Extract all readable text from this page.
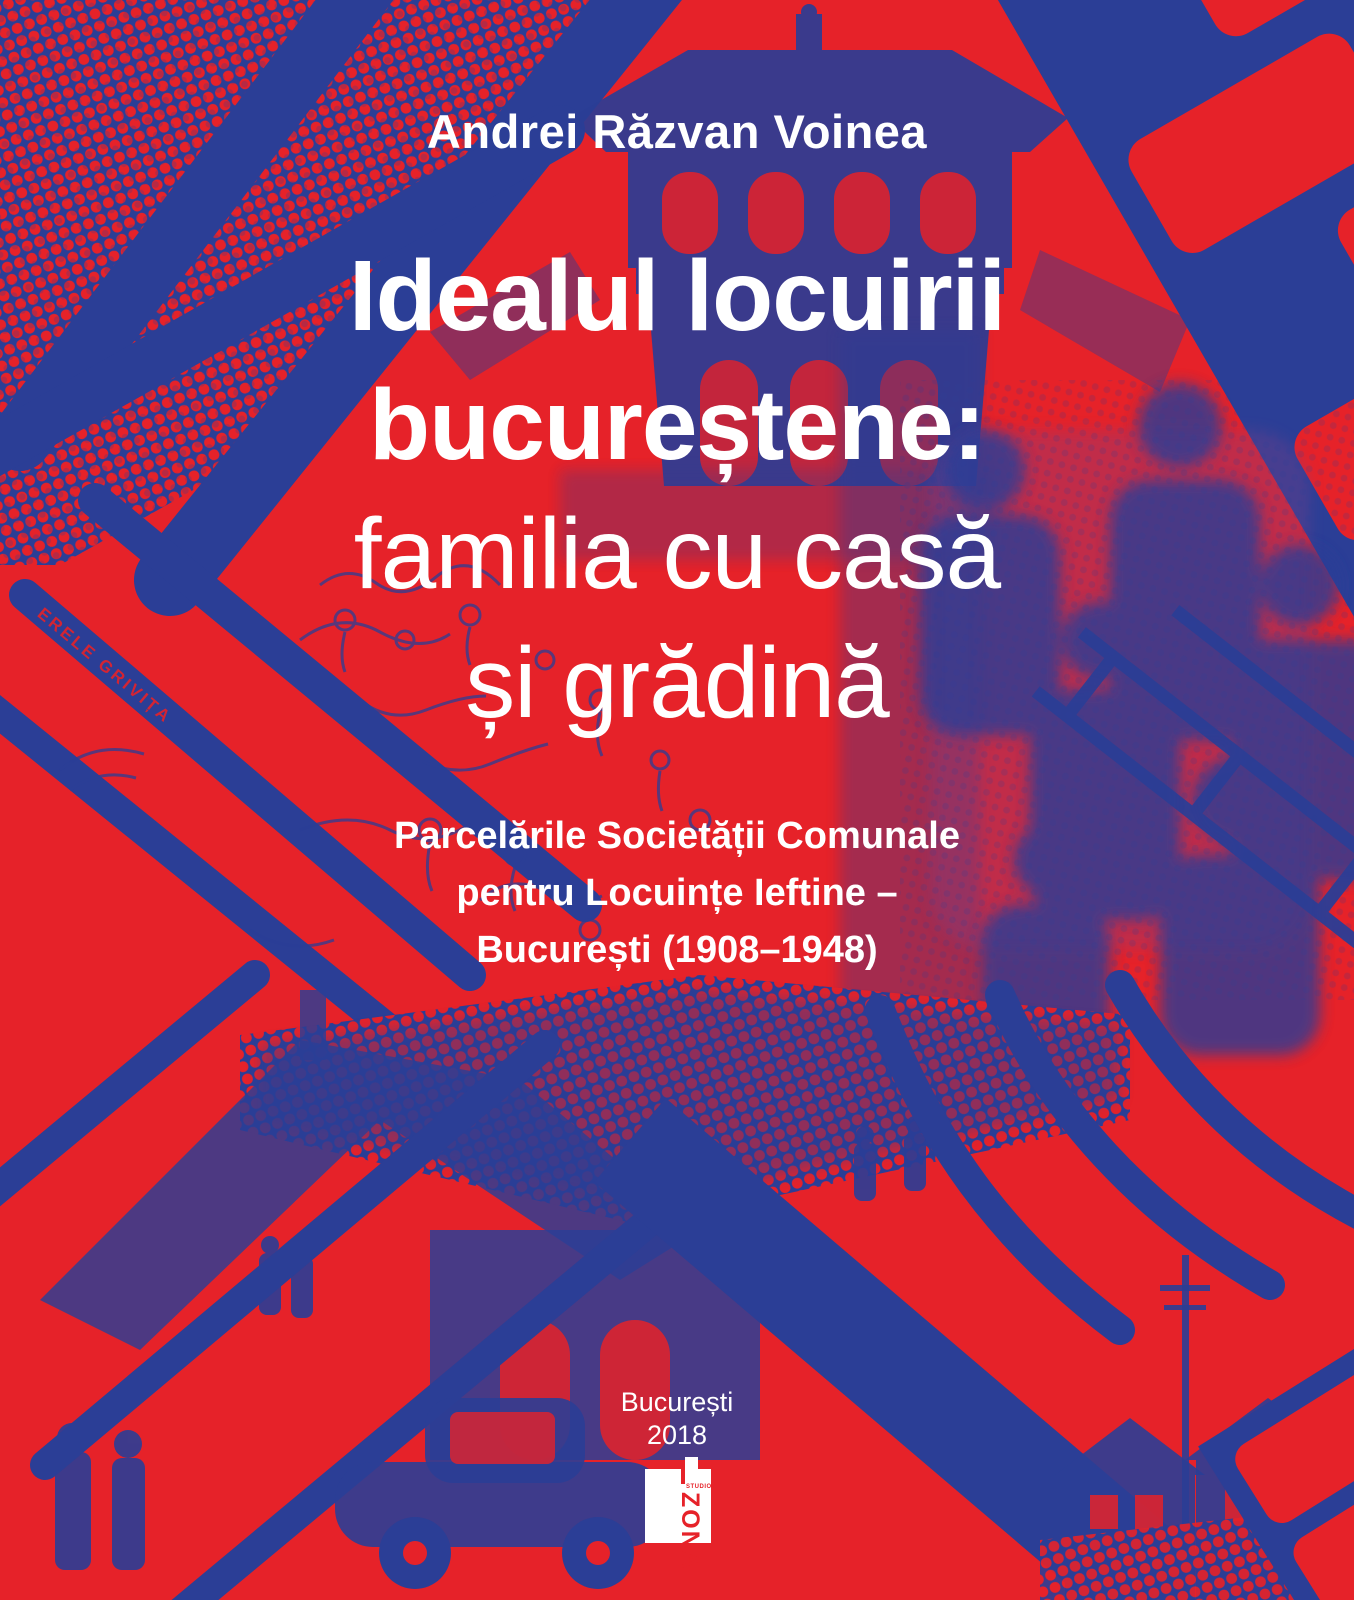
Andrei Răzvan Voinea
Idealul locuirii
bucureștene:
familia cu casă
și grădină
Parcelările Societății Comunale
pentru Locuințe Ieftine –
București (1908–1948)
București
2018
ERELE GRIVIȚA
STUDIO
ZONA
